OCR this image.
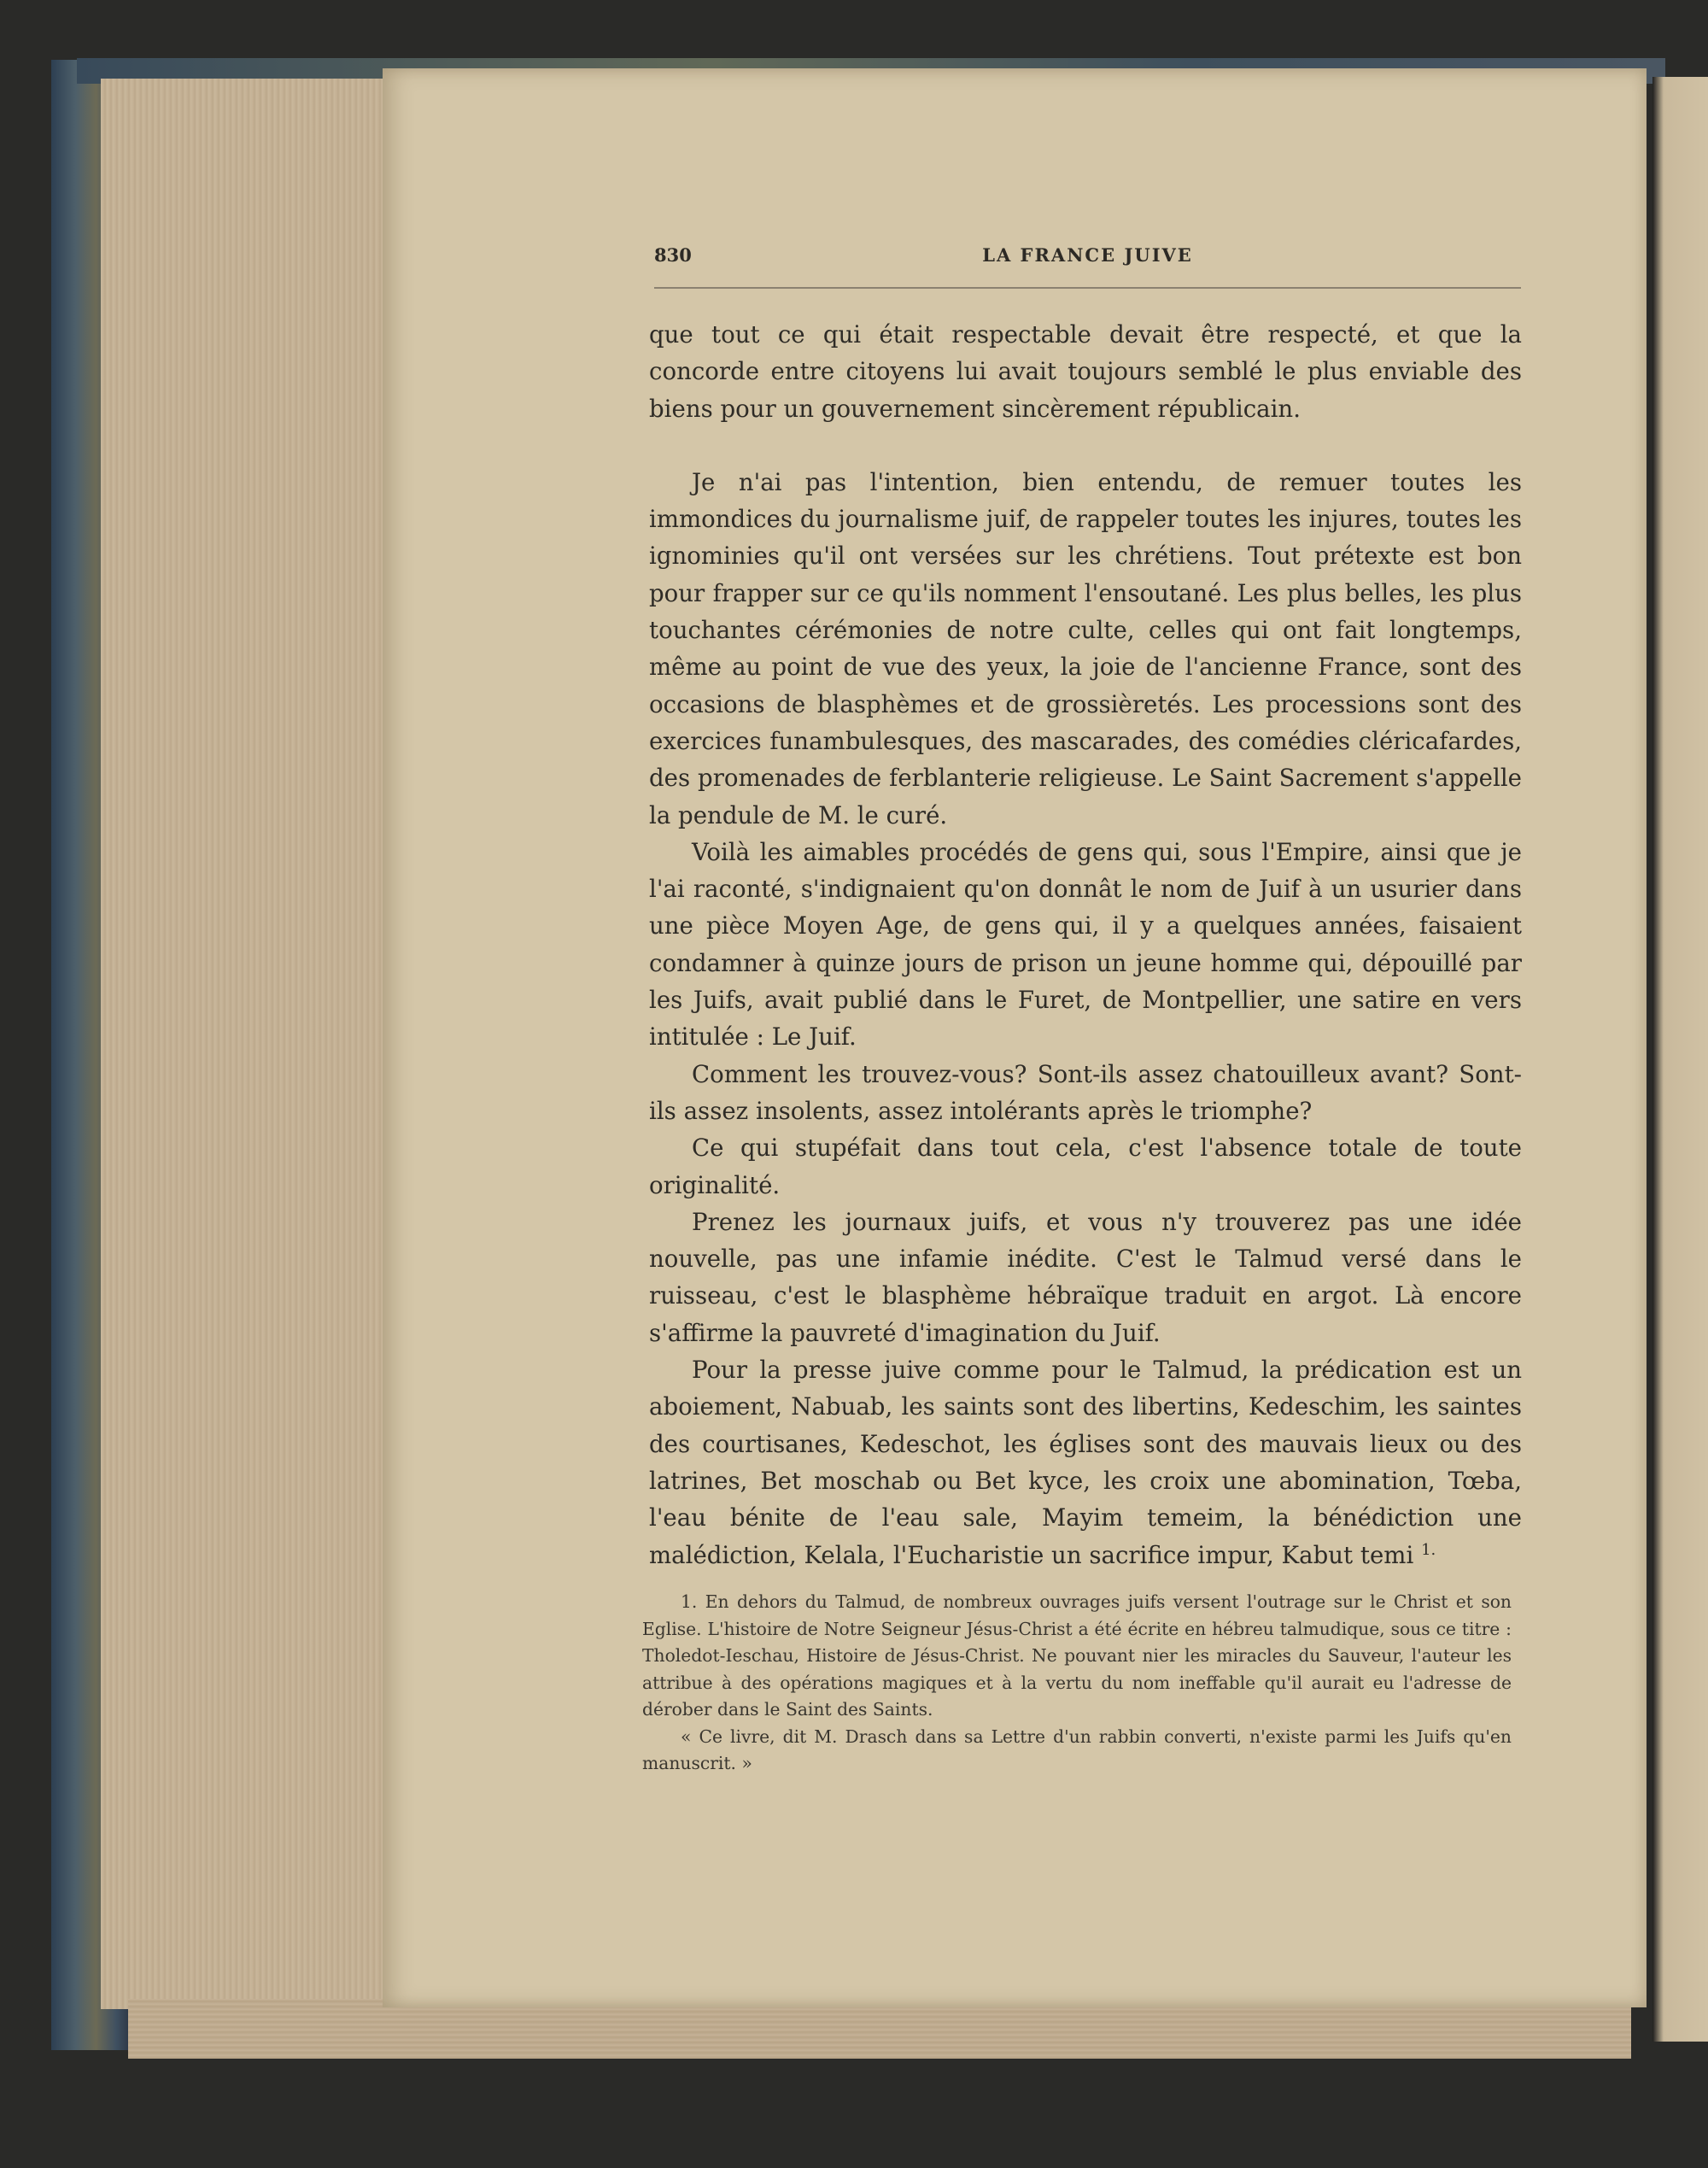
830	LA FRANCE JUIVE

que tout ce qui était respectable devait être respecté, et que la concorde entre citoyens lui avait toujours semblé le plus enviable des biens pour un gouvernement sincèrement républicain.

Je n'ai pas l'intention, bien entendu, de remuer toutes les immondices du journalisme juif, de rappeler toutes les injures, toutes les ignominies qu'il ont versées sur les chrétiens. Tout prétexte est bon pour frapper sur ce qu'ils nomment l'ensoutané. Les plus belles, les plus touchantes cérémonies de notre culte, celles qui ont fait longtemps, même au point de vue des yeux, la joie de l'ancienne France, sont des occasions de blasphèmes et de grossièretés. Les processions sont des exercices funambulesques, des mascarades, des comédies cléricafardes, des promenades de ferblanterie religieuse. Le Saint Sacrement s'appelle la pendule de M. le curé.

Voilà les aimables procédés de gens qui, sous l'Empire, ainsi que je l'ai raconté, s'indignaient qu'on donnât le nom de Juif à un usurier dans une pièce Moyen Age, de gens qui, il y a quelques années, faisaient condamner à quinze jours de prison un jeune homme qui, dépouillé par les Juifs, avait publié dans le Furet, de Montpellier, une satire en vers intitulée : Le Juif.

Comment les trouvez-vous? Sont-ils assez chatouilleux avant? Sont-ils assez insolents, assez intolérants après le triomphe?

Ce qui stupéfait dans tout cela, c'est l'absence totale de toute originalité.

Prenez les journaux juifs, et vous n'y trouverez pas une idée nouvelle, pas une infamie inédite. C'est le Talmud versé dans le ruisseau, c'est le blasphème hébraïque traduit en argot. Là encore s'affirme la pauvreté d'imagination du Juif.

Pour la presse juive comme pour le Talmud, la prédication est un aboiement, Nabuab, les saints sont des libertins, Kedeschim, les saintes des courtisanes, Kedeschot, les églises sont des mauvais lieux ou des latrines, Bet moschab ou Bet kyce, les croix une abomination, Tœba, l'eau bénite de l'eau sale, Mayim temeim, la bénédiction une malédiction, Kelala, l'Eucharistie un sacrifice impur, Kabut temi $^{1.}$

1. En dehors du Talmud, de nombreux ouvrages juifs versent l'outrage sur le Christ et son Eglise. L'histoire de Notre Seigneur Jésus-Christ a été écrite en hébreu talmudique, sous ce titre : Tholedot-Ieschau, Histoire de Jésus-Christ. Ne pouvant nier les miracles du Sauveur, l'auteur les attribue à des opérations magiques et à la vertu du nom ineffable qu'il aurait eu l'adresse de dérober dans le Saint des Saints.

« Ce livre, dit M. Drasch dans sa Lettre d'un rabbin converti, n'existe parmi les Juifs qu'en manuscrit. »
